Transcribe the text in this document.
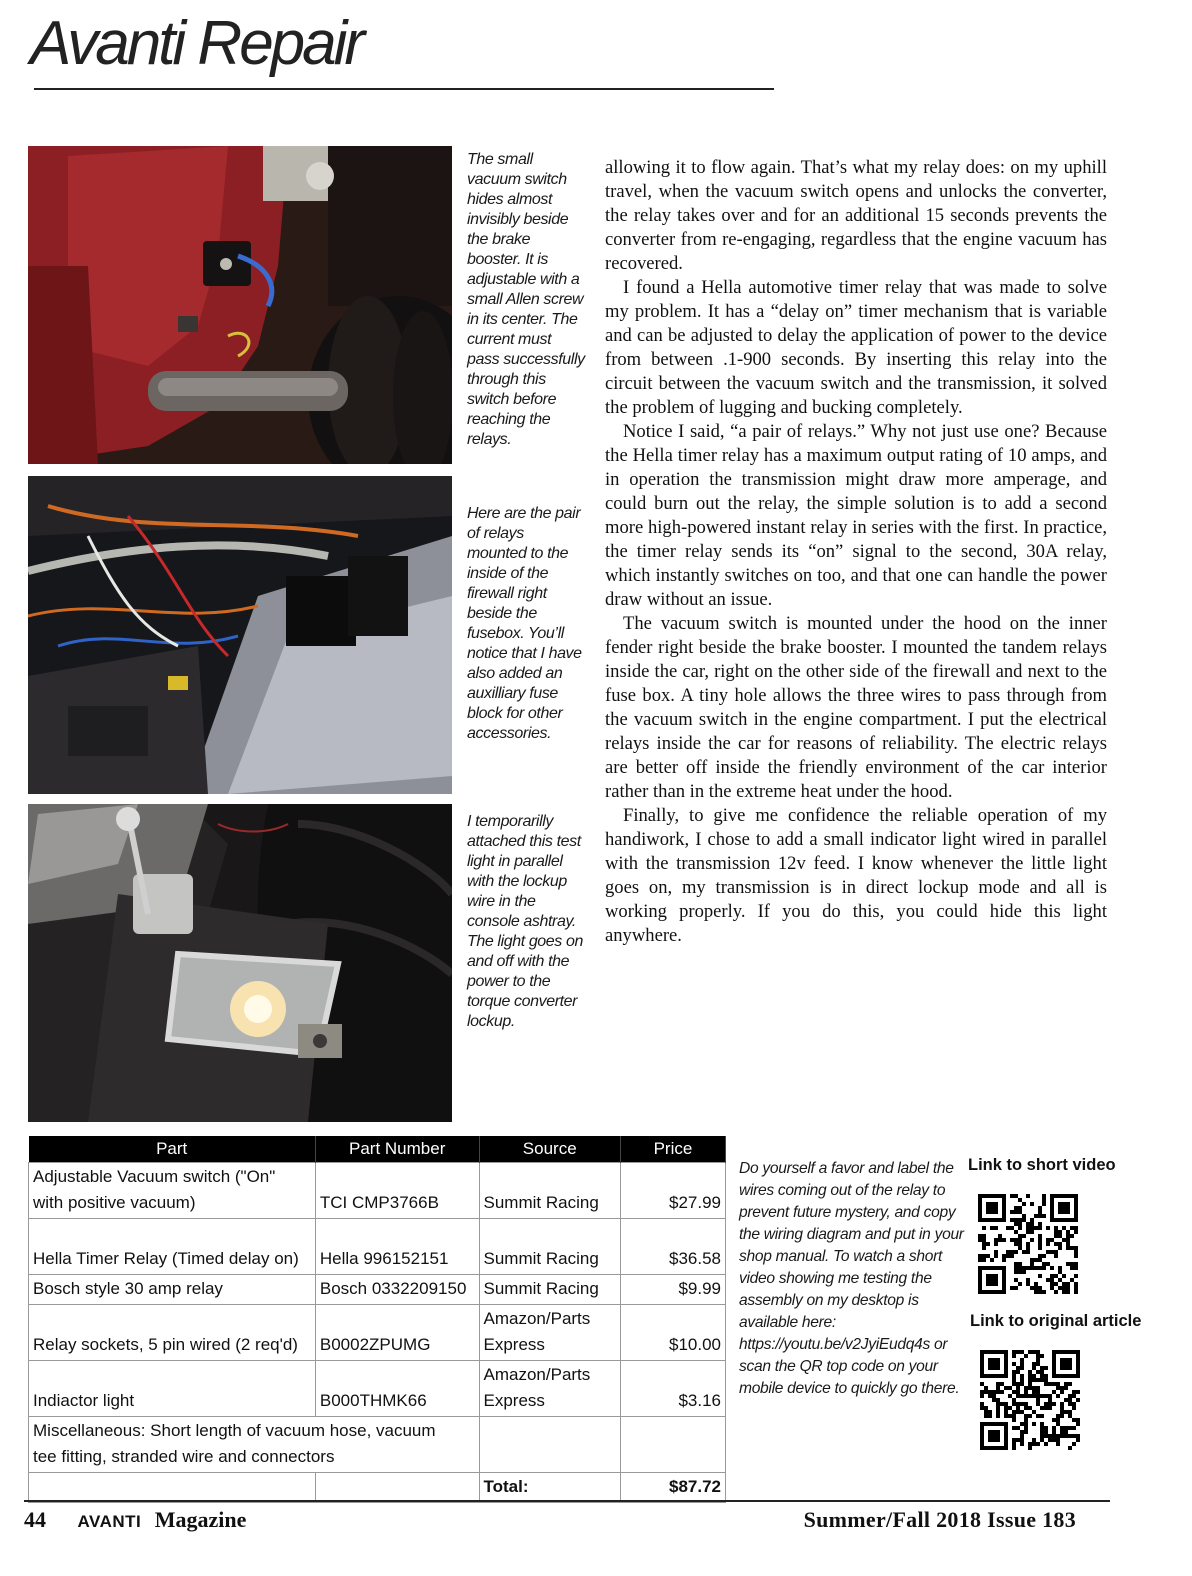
Avanti Repair
The small vacuum switch hides almost invisibly beside the brake booster. It is adjustable with a small Allen screw in its center. The current must pass successfully through this switch before reaching the relays.
Here are the pair of relays mounted to the inside of the firewall right beside the fusebox. You’ll notice that I have also added an auxilliary fuse block for other accessories.
I temporarilly attached this test light in parallel with the lockup wire in the console ashtray. The light goes on and off with the power to the torque converter lockup.

allowing it to flow again. That’s what my relay does: on my uphill travel, when the vacuum switch opens and unlocks the converter, the relay takes over and for an additional 15 seconds prevents the converter from re-engaging, regardless that the engine vacuum has recovered.

I found a Hella automotive timer relay that was made to solve my problem. It has a “delay on” timer mechanism that is variable and can be adjusted to delay the application of power to the device from between .1-900 seconds. By inserting this relay into the circuit between the vacuum switch and the transmission, it solved the problem of lugging and bucking completely.

Notice I said, “a pair of relays.” Why not just use one? Because the Hella timer relay has a maximum output rating of 10 amps, and in operation the transmission might draw more amperage, and could burn out the relay, the simple solution is to add a second more high-powered instant relay in series with the first. In practice, the timer relay sends its “on” signal to the second, 30A relay, which instantly switches on too, and that one can handle the power draw without an issue.

The vacuum switch is mounted under the hood on the inner fender right beside the brake booster. I mounted the tandem relays inside the car, right on the other side of the firewall and next to the fuse box. A tiny hole allows the three wires to pass through from the vacuum switch in the engine compartment. I put the electrical relays inside the car for reasons of reliability. The electric relays are better off inside the friendly environment of the car interior rather than in the extreme heat under the hood.

Finally, to give me confidence the reliable operation of my handiwork, I chose to add a small indicator light wired in parallel with the transmission 12v feed. I know whenever the little light goes on, my transmission is in direct lockup mode and all is working properly. If you do this, you could hide this light anywhere.

Part	Part Number	Source	Price
Adjustable Vacuum switch ("On"
with positive vacuum)	TCI CMP3766B	Summit Racing	$27.99

Hella Timer Relay (Timed delay on)	Hella 996152151	Summit Racing	$36.58
Bosch style 30 amp relay	Bosch 0332209150	Summit Racing	$9.99
Relay sockets, 5 pin wired (2 req'd)	B0002ZPUMG	Amazon/Parts
Express	$10.00
Indiactor light	B000THMK66	Amazon/Parts
Express	$3.16
Miscellaneous: Short length of vacuum hose, vacuum
tee fitting, stranded wire and connectors			
		Total:	$87.72
Do yourself a favor and label the wires coming out of the relay to prevent future mystery, and copy the wiring diagram and put in your shop manual. To watch a short video showing me testing the assembly on my desktop is available here: https://youtu.be/v2JyiEudq4s or scan the QR top code on your mobile device to quickly go there.
Link to short video
Link to original article
44 AVANTI Magazine	Summer/Fall 2018 Issue 183
